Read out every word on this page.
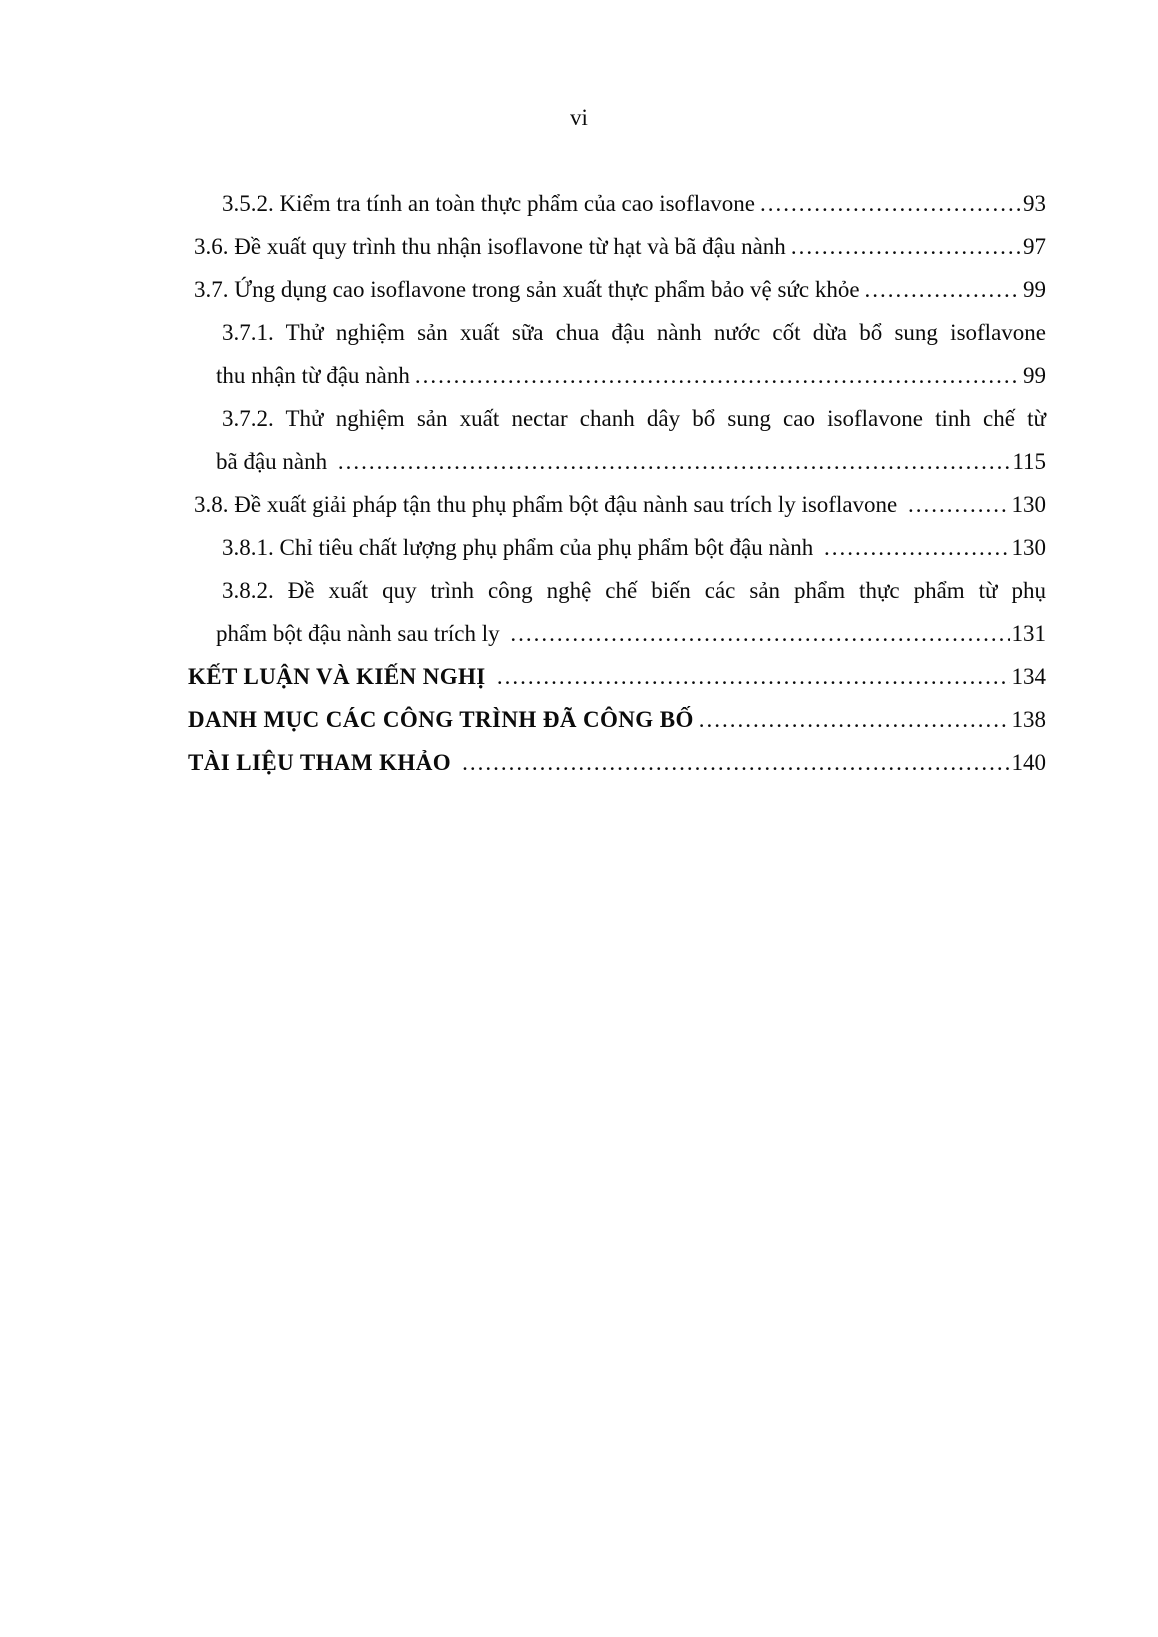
vi
3.5.2. Kiểm tra tính an toàn thực phẩm của cao isoflavone .....	93
3.6. Đề xuất quy trình thu nhận isoflavone từ hạt và bã đậu nành .....	97
3.7. Ứng dụng cao isoflavone trong sản xuất thực phẩm bảo vệ sức khỏe .....	99
3.7.1. Thử nghiệm sản xuất sữa chua đậu nành nước cốt dừa bổ sung isoflavone
thu nhận từ đậu nành .....	99
3.7.2. Thử nghiệm sản xuất nectar chanh dây bổ sung cao isoflavone tinh chế từ
bã đậu nành .....	115
3.8. Đề xuất giải pháp tận thu phụ phẩm bột đậu nành sau trích ly isoflavone .....	130
3.8.1. Chỉ tiêu chất lượng phụ phẩm của phụ phẩm bột đậu nành .....	130
3.8.2. Đề xuất quy trình công nghệ chế biến các sản phẩm thực phẩm từ phụ
phẩm bột đậu nành sau trích ly .....	131
KẾT LUẬN VÀ KIẾN NGHỊ .....	134
DANH MỤC CÁC CÔNG TRÌNH ĐÃ CÔNG BỐ .....	138
TÀI LIỆU THAM KHẢO .....	140
